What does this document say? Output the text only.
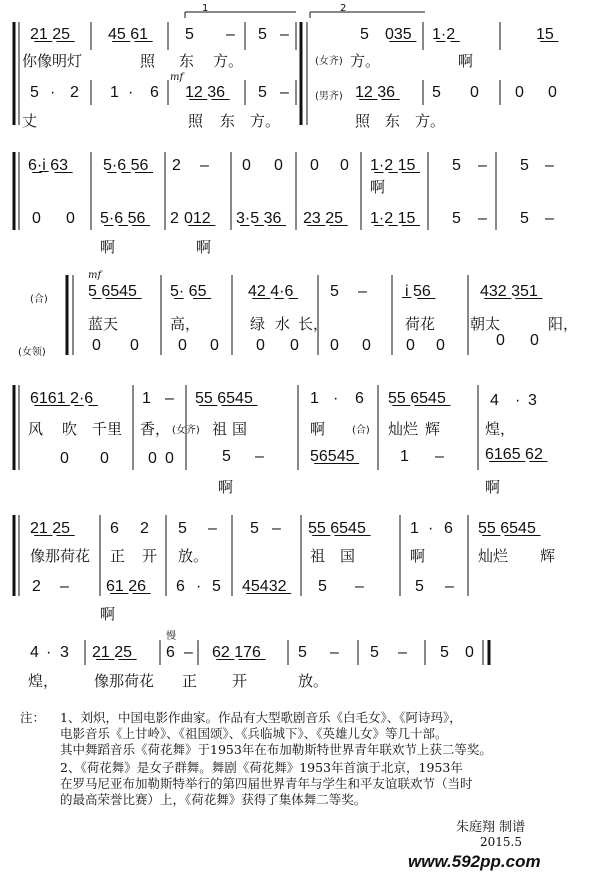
1	2
2̲1̲ 2̲5̲ 4̲5̲ 6̲1̲ 5 – 5 –	5 0̲3̲5̲ 1̲·2̲	1̲5̲
你像明灯	照 东 方。	(女齐) 方。	啊
mf
5 · 2 1 · 6 1̲2̲ 3̲6̲ 5 –	(男齐) 1̲2̲ 3̲6̲ 5 0 0 0
丈	照 东 方。	照 东 方。
6̲·i̲ 6̲3̲ 5̲·6̲ 5̲6̲ 2 – 0 0 0 0 1̲·2̲ 1̲5̲ 5 – 5 –
啊
0 0 5̲·6̲ 5̲6̲ 2 0̲1̲2̲ 3̲·5̲ 3̲6̲ 2̲3̲ 2̲5̲ 1̲·2̲ 1̲5̲ 5 – 5 –
啊	啊
mf
(合)	5̲ 6̲5̲4̲5̲ 5̲· 6̲5̲	4̲2̲ 4̲·6̲ 5 – i̲ 5̲6̲	4̲3̲2̲ 3̲5̲1̲
蓝天	高，	绿 水 长，	荷花 朝太	阳，
(女领)	0 0 0 0 0 0 0 0 0 0	0 0
6̲1̲6̲1̲ 2̲·6̲	1 – 5̲5̲ 6̲5̲4̲5̲	1 · 6 5̲5̲ 6̲5̲4̲5̲	4 · 3
风 吹 千里 香， (女齐) 祖 国	啊	(合) 灿烂 辉	煌，
0 0 0 0	5 –	5̲6̲5̲4̲5̲	1 –	6̲1̲6̲5̲ 6̲2̲
啊	啊
2̲1̲ 2̲5̲ 6 2 5 – 5 – 5̲5̲ 6̲5̲4̲5̲	1 · 6 5̲5̲ 6̲5̲4̲5̲
像那荷花 正 开 放。	祖 国	啊	灿烂 辉
2 – 6̲1̲ 2̲6̲ 6 · 5 4̲5̲4̲3̲2̲ 5 –	5 –
啊
慢
4 · 3 2̲1̲ 2̲5̲ 6 – 6̲2̲ 1̲7̲6̲ 5 – 5 – 5 0
煌， 像那荷花 正 开	放。
注： 1、刘炽，中国电影作曲家。作品有大型歌剧音乐《白毛女》、《阿诗玛》，
电影音乐《上甘岭》、《祖国颂》、《兵临城下》、《英雄儿女》等几十部。
其中舞蹈音乐《荷花舞》于1953年在布加勒斯特世界青年联欢节上获二等奖。
2、《荷花舞》是女子群舞。舞剧《荷花舞》1953年首演于北京，1953年
在罗马尼亚布加勒斯特举行的第四届世界青年与学生和平友谊联欢节（当时
的最高荣誉比赛）上，《荷花舞》获得了集体舞二等奖。
朱庭翔 制谱
2015.5
www.592pp.com
